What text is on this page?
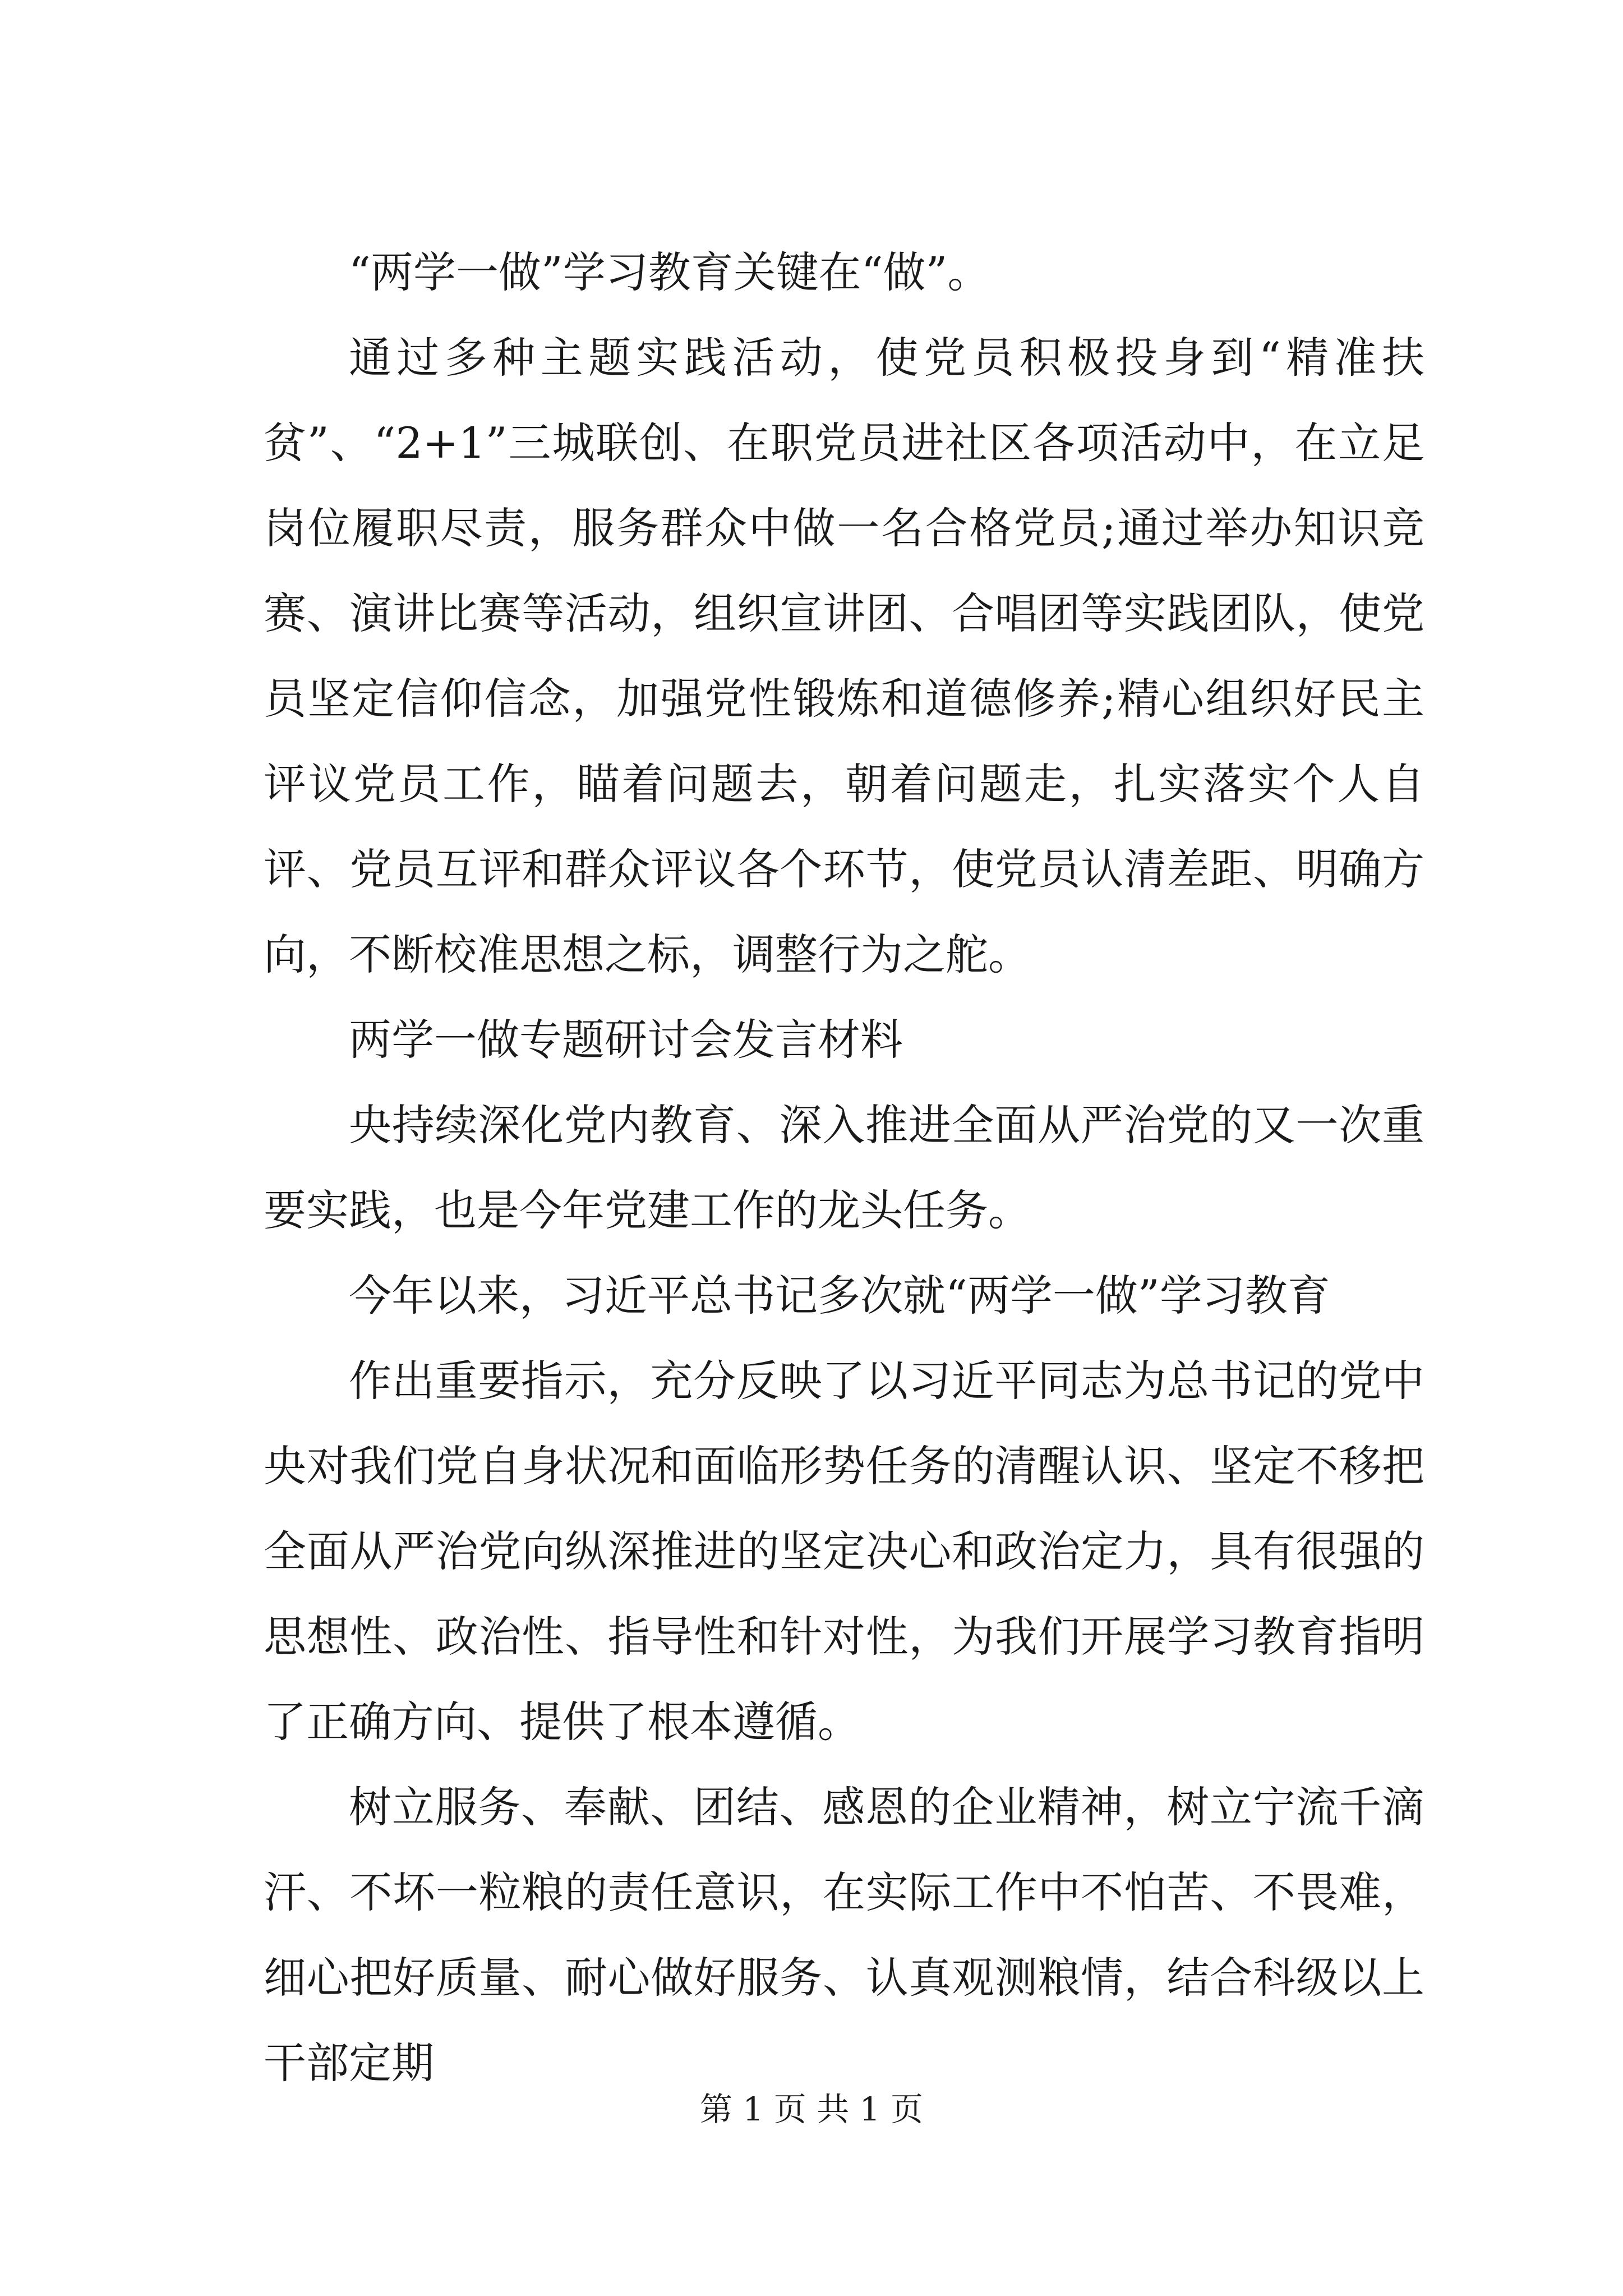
“两学一做”学习教育关键在“做”。

通过多种主题实践活动，使党员积极投身到“精准扶贫”、“2+1”三城联创、在职党员进社区各项活动中，在立足岗位履职尽责，服务群众中做一名合格党员;通过举办知识竞赛、演讲比赛等活动，组织宣讲团、合唱团等实践团队，使党员坚定信仰信念，加强党性锻炼和道德修养;精心组织好民主评议党员工作，瞄着问题去，朝着问题走，扎实落实个人自评、党员互评和群众评议各个环节，使党员认清差距、明确方向，不断校准思想之标，调整行为之舵。

两学一做专题研讨会发言材料

央持续深化党内教育、深入推进全面从严治党的又一次重要实践，也是今年党建工作的龙头任务。

今年以来，习近平总书记多次就“两学一做”学习教育

作出重要指示，充分反映了以习近平同志为总书记的党中央对我们党自身状况和面临形势任务的清醒认识、坚定不移把全面从严治党向纵深推进的坚定决心和政治定力，具有很强的思想性、政治性、指导性和针对性，为我们开展学习教育指明了正确方向、提供了根本遵循。

树立服务、奉献、团结、感恩的企业精神，树立宁流千滴汗、不坏一粒粮的责任意识，在实际工作中不怕苦、不畏难，细心把好质量、耐心做好服务、认真观测粮情，结合科级以上干部定期

第 1 页 共 1 页
